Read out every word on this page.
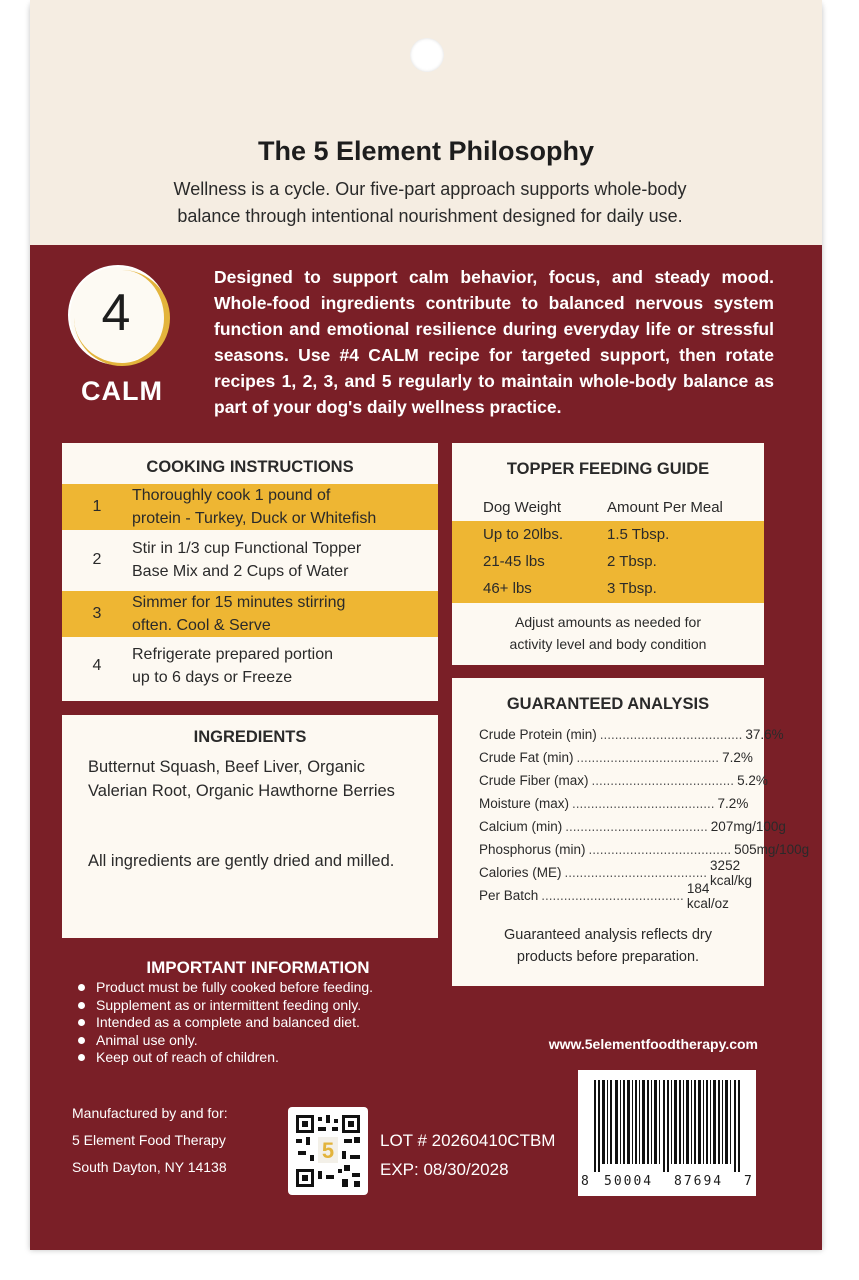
The 5 Element Philosophy
Wellness is a cycle. Our five-part approach supports whole-body
balance through intentional nourishment designed for daily use.
4
CALM
Designed to support calm behavior, focus, and steady mood. Whole-food ingredients contribute to balanced nervous system function and emotional resilience during everyday life or stressful seasons. Use #4 CALM recipe for targeted support, then rotate recipes 1, 2, 3, and 5 regularly to maintain whole-body balance as part of your dog's daily wellness practice.
COOKING INSTRUCTIONS
1
Thoroughly cook 1 pound of
protein - Turkey, Duck or Whitefish
2
Stir in 1/3 cup Functional Topper
Base Mix and 2 Cups of Water
3
Simmer for 15 minutes stirring
often. Cool & Serve
4
Refrigerate prepared portion
up to 6 days or Freeze
TOPPER FEEDING GUIDE
Dog Weight	Amount Per Meal
Up to 20lbs.	1.5 Tbsp.
21-45 lbs	2 Tbsp.
46+ lbs	3 Tbsp.
Adjust amounts as needed for
activity level and body condition
INGREDIENTS
Butternut Squash, Beef Liver, Organic Valerian Root, Organic Hawthorne Berries
All ingredients are gently dried and milled.
GUARANTEED ANALYSIS
Crude Protein (min) ...................................... 37.6%
Crude Fat (min) ...................................... 7.2%
Crude Fiber (max) ...................................... 5.2%
Moisture (max) ...................................... 7.2%
Calcium (min) ...................................... 207mg/100g
Phosphorus (min) ...................................... 505mg/100g
Calories (ME) ...................................... 3252 kcal/kg
Per Batch ...................................... 184 kcal/oz
Guaranteed analysis reflects dry
products before preparation.
IMPORTANT INFORMATION
Product must be fully cooked before feeding.
Supplement as or intermittent feeding only.
Intended as a complete and balanced diet.
Animal use only.
Keep out of reach of children.
www.5elementfoodtherapy.com
Manufactured by and for:
5 Element Food Therapy
South Dayton, NY 14138
5	LOT # 20260410CTBM
EXP: 08/30/2028
8 50004 87694 7
